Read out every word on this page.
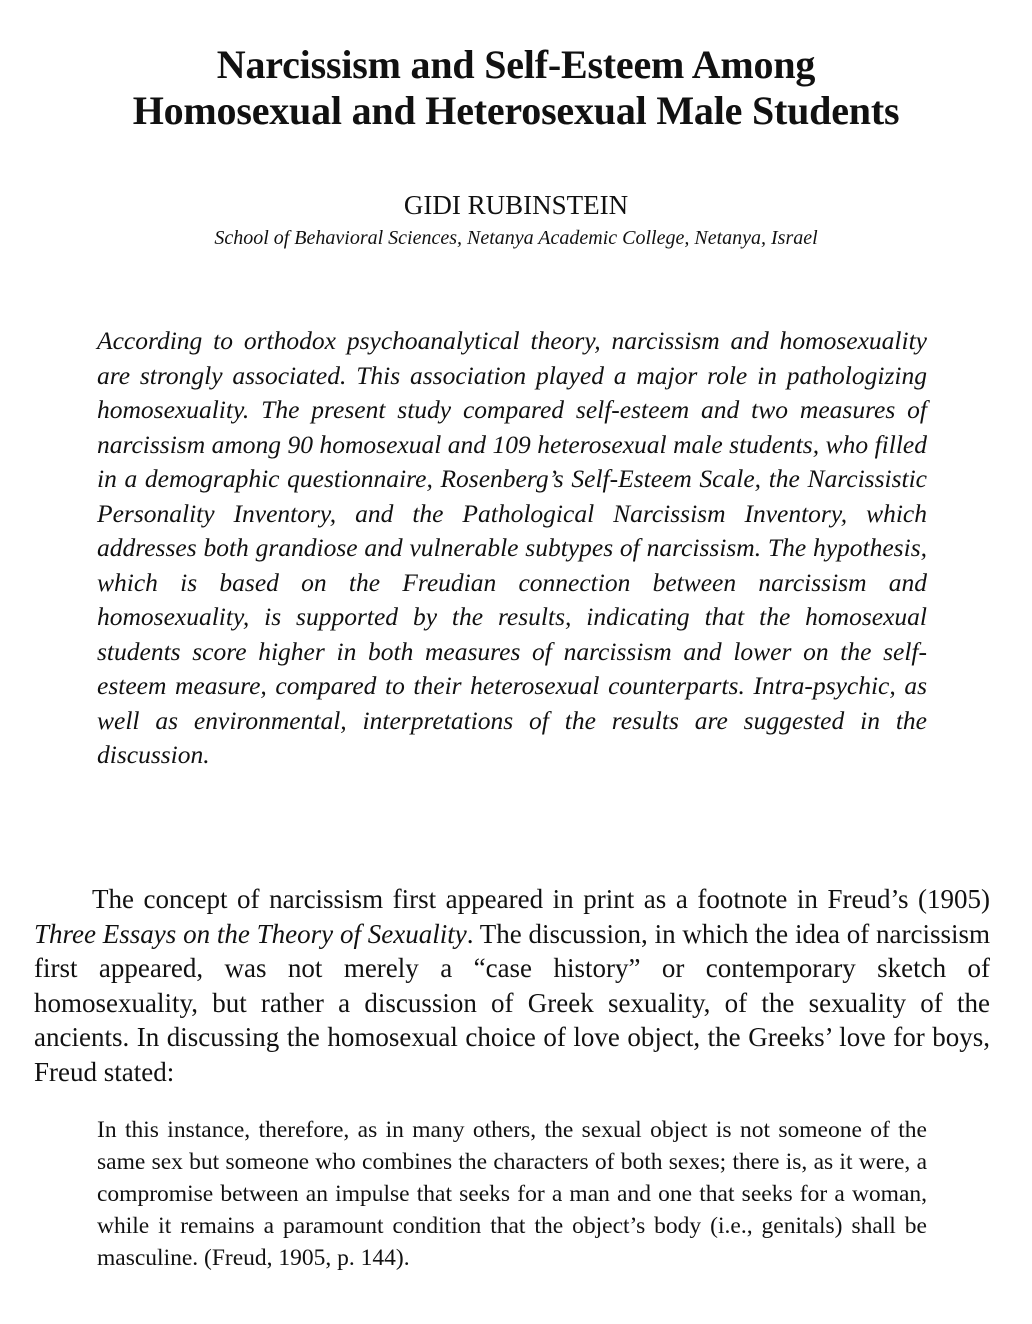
Narcissism and Self-Esteem Among
Homosexual and Heterosexual Male Students

GIDI RUBINSTEIN

School of Behavioral Sciences, Netanya Academic College, Netanya, Israel

According to orthodox psychoanalytical theory, narcissism and homosexuality are strongly associated. This association played a major role in pathologizing homosexuality. The present study compared self-esteem and two measures of narcissism among 90 homosexual and 109 heterosexual male students, who filled in a demographic questionnaire, Rosenberg’s Self-Esteem Scale, the Narcissistic Personality Inventory, and the Pathological Narcissism Inventory, which addresses both grandiose and vulnerable subtypes of narcissism. The hypothesis, which is based on the Freudian connection between narcissism and homosexuality, is supported by the results, indicating that the homosexual students score higher in both measures of narcissism and lower on the self-esteem measure, compared to their heterosexual counterparts. Intra-psychic, as well as environmental, interpretations of the results are suggested in the discussion.

The concept of narcissism first appeared in print as a footnote in Freud’s (1905) Three Essays on the Theory of Sexuality. The discussion, in which the idea of narcissism first appeared, was not merely a “case history” or contemporary sketch of homosexuality, but rather a discussion of Greek sexuality, of the sexuality of the ancients. In discussing the homosexual choice of love object, the Greeks’ love for boys, Freud stated:

In this instance, therefore, as in many others, the sexual object is not someone of the same sex but someone who combines the characters of both sexes; there is, as it were, a compromise between an impulse that seeks for a man and one that seeks for a woman, while it remains a paramount condition that the object’s body (i.e., genitals) shall be masculine. (Freud, 1905, p. 144).
